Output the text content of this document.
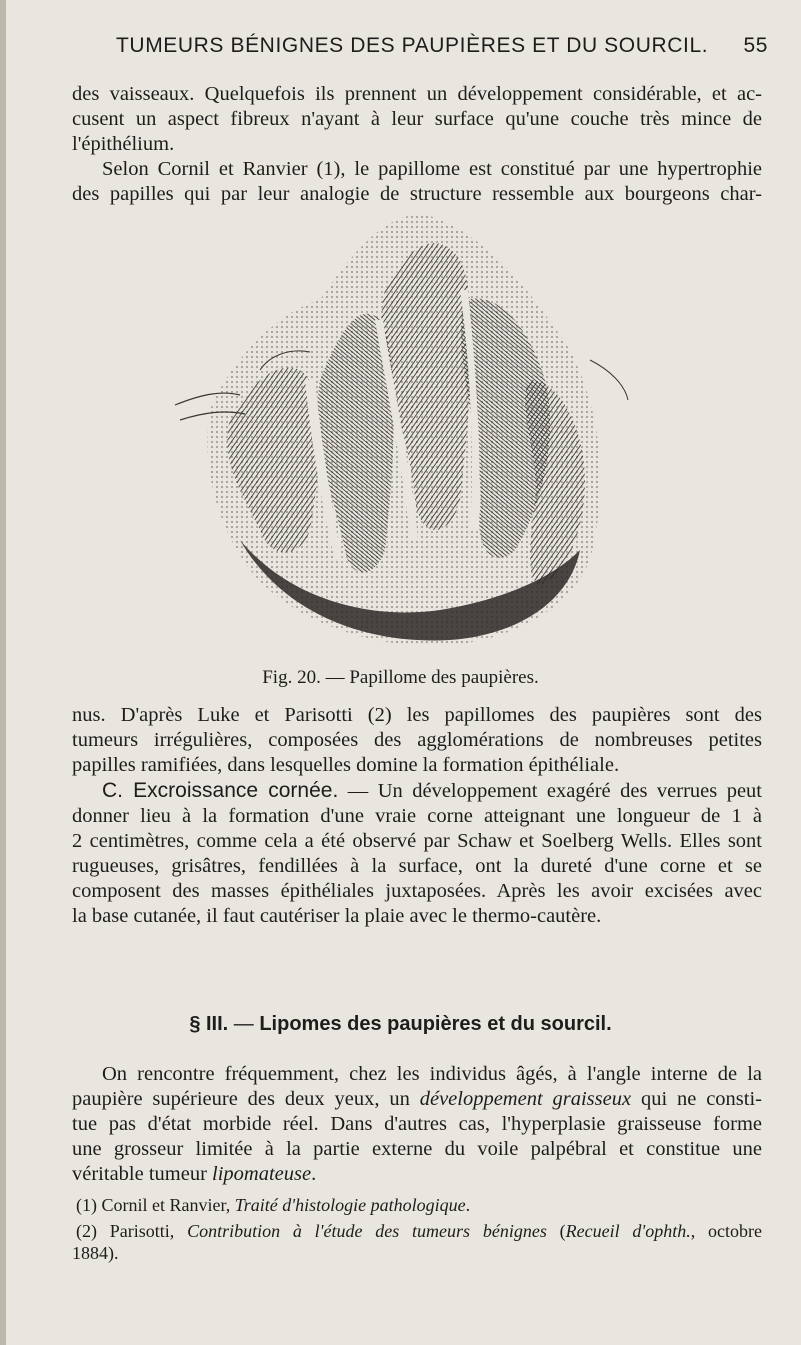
TUMEURS BÉNIGNES DES PAUPIÈRES ET DU SOURCIL. 55

des vaisseaux. Quelquefois ils prennent un développement considérable, et ac-

cusent un aspect fibreux n'ayant à leur surface qu'une couche très mince de

l'épithélium.

Selon Cornil et Ranvier (1), le papillome est constitué par une hypertrophie

des papilles qui par leur analogie de structure ressemble aux bourgeons char-

Fig. 20. — Papillome des paupières.

nus. D'après Luke et Parisotti (2) les papillomes des paupières sont des

tumeurs irrégulières, composées des agglomérations de nombreuses petites

papilles ramifiées, dans lesquelles domine la formation épithéliale.

C. Excroissance cornée. — Un développement exagéré des verrues peut

donner lieu à la formation d'une vraie corne atteignant une longueur de 1 à

2 centimètres, comme cela a été observé par Schaw et Soelberg Wells. Elles sont

rugueuses, grisâtres, fendillées à la surface, ont la dureté d'une corne et se

composent des masses épithéliales juxtaposées. Après les avoir excisées avec

la base cutanée, il faut cautériser la plaie avec le thermo-cautère.

§ III. — Lipomes des paupières et du sourcil.

On rencontre fréquemment, chez les individus âgés, à l'angle interne de la

paupière supérieure des deux yeux, un développement graisseux qui ne consti-

tue pas d'état morbide réel. Dans d'autres cas, l'hyperplasie graisseuse forme

une grosseur limitée à la partie externe du voile palpébral et constitue une

véritable tumeur lipomateuse.

(1) Cornil et Ranvier, Traité d'histologie pathologique.

(2) Parisotti, Contribution à l'étude des tumeurs bénignes (Recueil d'ophth., octobre

1884).
